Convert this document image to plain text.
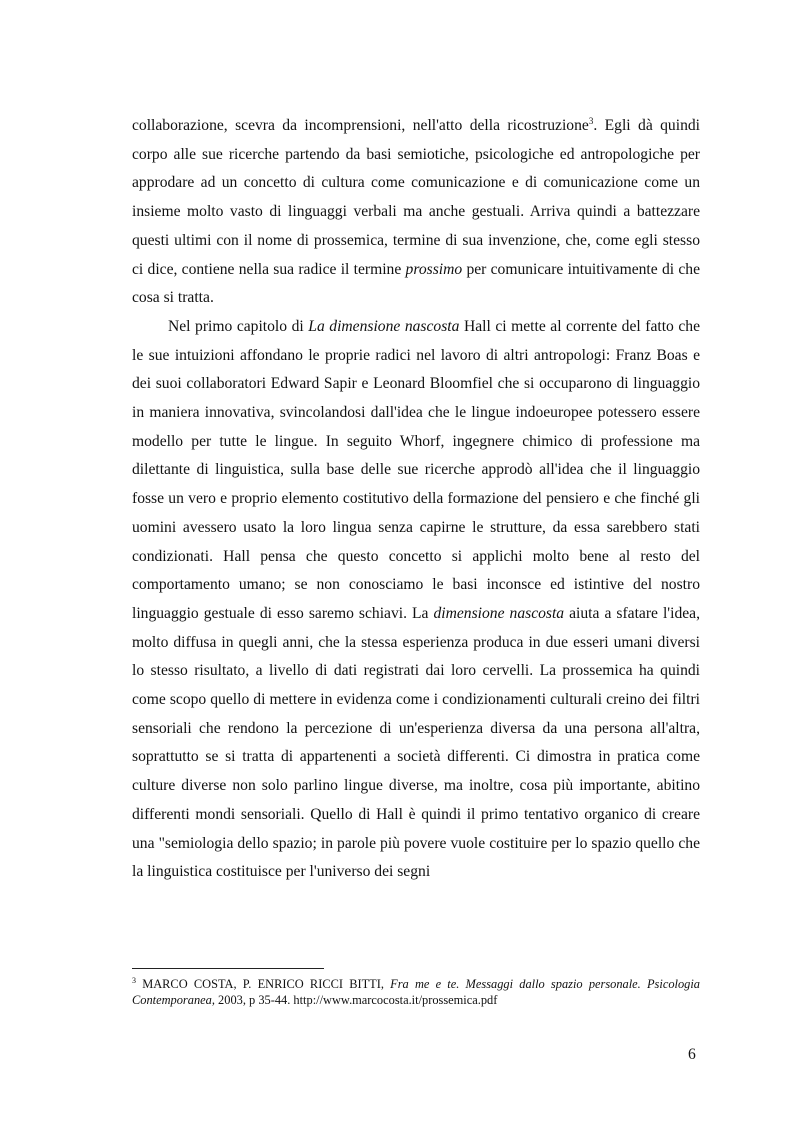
collaborazione, scevra da incomprensioni, nell'atto della ricostruzione$^3$. Egli dà quindi corpo alle sue ricerche partendo da basi semiotiche, psicologiche ed antropologiche per approdare ad un concetto di cultura come comunicazione e di comunicazione come un insieme molto vasto di linguaggi verbali ma anche gestuali. Arriva quindi a battezzare questi ultimi con il nome di prossemica, termine di sua invenzione, che, come egli stesso ci dice, contiene nella sua radice il termine prossimo per comunicare intuitivamente di che cosa si tratta.

Nel primo capitolo di La dimensione nascosta Hall ci mette al corrente del fatto che le sue intuizioni affondano le proprie radici nel lavoro di altri antropologi: Franz Boas e dei suoi collaboratori Edward Sapir e Leonard Bloomfiel che si occuparono di linguaggio in maniera innovativa, svincolandosi dall'idea che le lingue indoeuropee potessero essere modello per tutte le lingue. In seguito Whorf, ingegnere chimico di professione ma dilettante di linguistica, sulla base delle sue ricerche approdò all'idea che il linguaggio fosse un vero e proprio elemento costitutivo della formazione del pensiero e che finché gli uomini avessero usato la loro lingua senza capirne le strutture, da essa sarebbero stati condizionati. Hall pensa che questo concetto si applichi molto bene al resto del comportamento umano; se non conosciamo le basi inconsce ed istintive del nostro linguaggio gestuale di esso saremo schiavi. La dimensione nascosta aiuta a sfatare l'idea, molto diffusa in quegli anni, che la stessa esperienza produca in due esseri umani diversi lo stesso risultato, a livello di dati registrati dai loro cervelli. La prossemica ha quindi come scopo quello di mettere in evidenza come i condizionamenti culturali creino dei filtri sensoriali che rendono la percezione di un'esperienza diversa da una persona all'altra, soprattutto se si tratta di appartenenti a società differenti. Ci dimostra in pratica come culture diverse non solo parlino lingue diverse, ma inoltre, cosa più importante, abitino differenti mondi sensoriali. Quello di Hall è quindi il primo tentativo organico di creare una "semiologia dello spazio; in parole più povere vuole costituire per lo spazio quello che la linguistica costituisce per l'universo dei segni

$^3$ MARCO COSTA, P. ENRICO RICCI BITTI, Fra me e te. Messaggi dallo spazio personale. Psicologia Contemporanea, 2003, p 35-44. http://www.marcocosta.it/prossemica.pdf
6
